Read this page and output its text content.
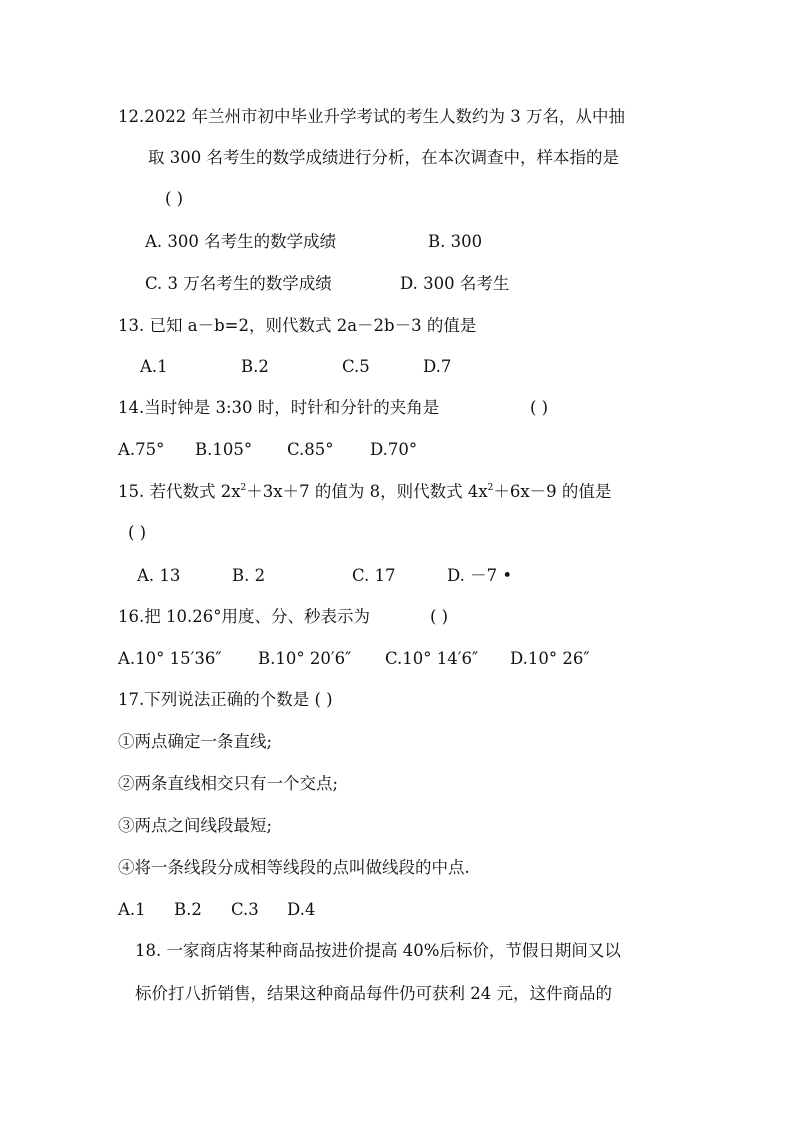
12.2022 年兰州市初中毕业升学考试的考生人数约为 3 万名，从中抽
取 300 名考生的数学成绩进行分析，在本次调查中，样本指的是
( )
A. 300 名考生的数学成绩	B. 300
C. 3 万名考生的数学成绩	D. 300 名考生
13. 已知 a－b=2，则代数式 2a－2b－3 的值是
A.1	B.2	C.5	D.7
14.当时钟是 3:30 时，时针和分针的夹角是	( )
A.75° B.105° C.85° D.70°
15. 若代数式 $2x^2+3x+7$ 的值为 8，则代数式 $4x^2+6x-9$ 的值是
( )
A. 13	B. 2	C. 17	D. －7 •
16.把 10.26°用度、分、秒表示为	( )
A.10° 15′36″ B.10° 20′6″ C.10° 14′6″ D.10° 26″
17.下列说法正确的个数是 ( )
①两点确定一条直线;
②两条直线相交只有一个交点;
③两点之间线段最短;
④将一条线段分成相等线段的点叫做线段的中点.
A.1 B.2 C.3 D.4
18. 一家商店将某种商品按进价提高 40%后标价，节假日期间又以
标价打八折销售，结果这种商品每件仍可获利 24 元，这件商品的
